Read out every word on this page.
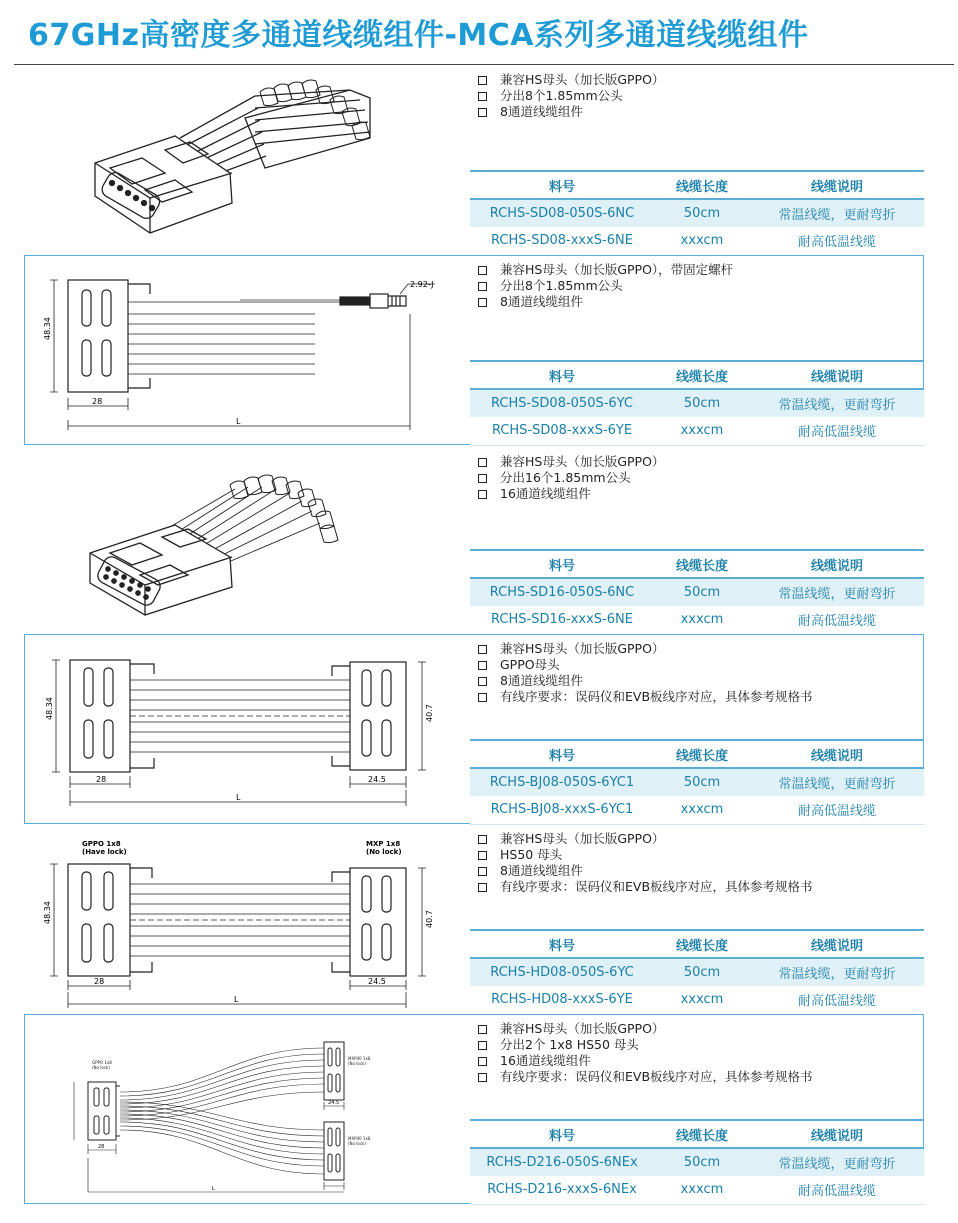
67GHz高密度多通道线缆组件-MCA系列多通道线缆组件
兼容HS母头（加长版GPPO）
分出8个1.85mm公头
8通道线缆组件
料号	线缆长度	线缆说明
RCHS-SD08-050S-6NC	50cm	常温线缆，更耐弯折
RCHS-SD08-xxxS-6NE	xxxcm	耐高低温线缆
2.92-J
48.34
28
L
兼容HS母头（加长版GPPO），带固定螺杆
分出8个1.85mm公头
8通道线缆组件
料号	线缆长度	线缆说明
RCHS-SD08-050S-6YC	50cm	常温线缆，更耐弯折
RCHS-SD08-xxxS-6YE	xxxcm	耐高低温线缆
兼容HS母头（加长版GPPO）
分出16个1.85mm公头
16通道线缆组件
料号	线缆长度	线缆说明
RCHS-SD16-050S-6NC	50cm	常温线缆，更耐弯折
RCHS-SD16-xxxS-6NE	xxxcm	耐高低温线缆
48.34	40.7
28	24.5
L
兼容HS母头（加长版GPPO）
GPPO母头
8通道线缆组件
有线序要求：误码仪和EVB板线序对应，具体参考规格书
料号	线缆长度	线缆说明
RCHS-BJ08-050S-6YC1	50cm	常温线缆，更耐弯折
RCHS-BJ08-xxxS-6YC1	xxxcm	耐高低温线缆
GPPO 1x8
(Have lock)
MXP 1x8
(No lock)
48.34	40.7
28	24.5
L
兼容HS母头（加长版GPPO）
HS50 母头
8通道线缆组件
有线序要求：误码仪和EVB板线序对应，具体参考规格书
料号	线缆长度	线缆说明
RCHS-HD08-050S-6YC	50cm	常温线缆，更耐弯折
RCHS-HD08-xxxS-6YE	xxxcm	耐高低温线缆
GPPO 1x8
(No lock)
MXP40 1x8
(No lock)
MXP40 1x8
(No lock)
28
24.5
L
兼容HS母头（加长版GPPO）
分出2个 1x8 HS50 母头
16通道线缆组件
有线序要求：误码仪和EVB板线序对应，具体参考规格书
料号	线缆长度	线缆说明
RCHS-D216-050S-6NEx	50cm	常温线缆，更耐弯折
RCHS-D216-xxxS-6NEx	xxxcm	耐高低温线缆
